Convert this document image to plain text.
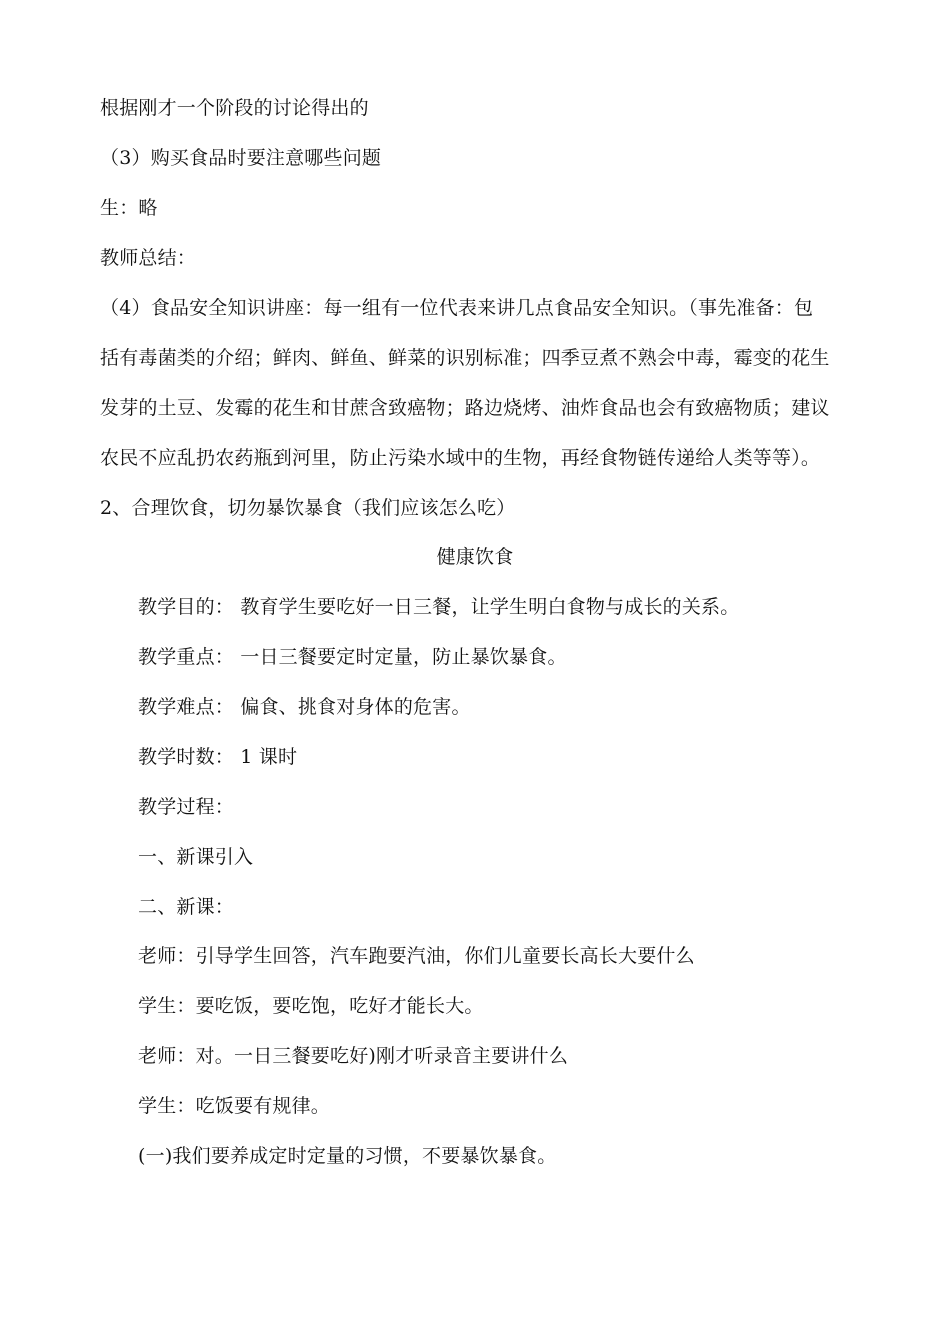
根据刚才一个阶段的讨论得出的
（3）购买食品时要注意哪些问题
生：略
教师总结：
（4）食品安全知识讲座：每一组有一位代表来讲几点食品安全知识。（事先准备：包
括有毒菌类的介绍；鲜肉、鲜鱼、鲜菜的识别标准；四季豆煮不熟会中毒，霉变的花生
发芽的土豆、发霉的花生和甘蔗含致癌物；路边烧烤、油炸食品也会有致癌物质；建议
农民不应乱扔农药瓶到河里，防止污染水域中的生物，再经食物链传递给人类等等）。
2、合理饮食，切勿暴饮暴食（我们应该怎么吃）
健康饮食
教学目的： 教育学生要吃好一日三餐，让学生明白食物与成长的关系。
教学重点： 一日三餐要定时定量，防止暴饮暴食。
教学难点： 偏食、挑食对身体的危害。
教学时数： 1 课时
教学过程：
一、新课引入
二、新课：
老师：引导学生回答，汽车跑要汽油，你们儿童要长高长大要什么
学生：要吃饭，要吃饱，吃好才能长大。
老师：对。一日三餐要吃好)刚才听录音主要讲什么
学生：吃饭要有规律。
(一)我们要养成定时定量的习惯，不要暴饮暴食。
